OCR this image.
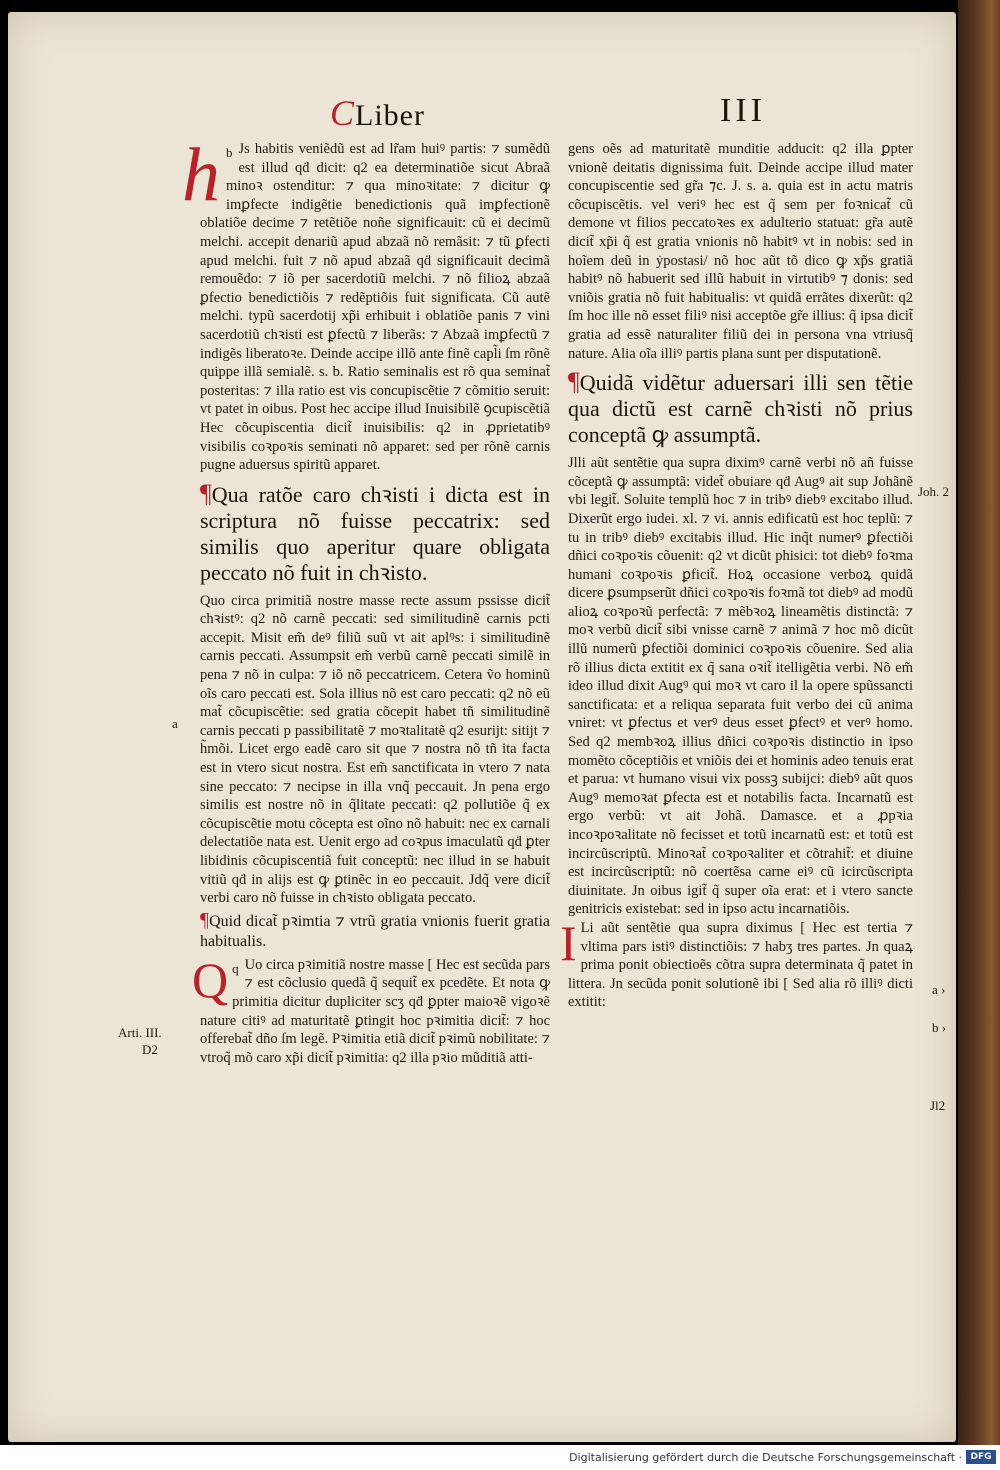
CLiber	III

h b Js habitis veniẽdũ est ad lr̃am huiꝰ partis: ⁊ sumẽdũ est illud qḋ dicit: q2 ea determinatiõe sicut Abraã minoꝛ ostenditur: ⁊ qua minoꝛitate: ⁊ dicitur ꝙ imꝑfecte indigẽtie benedictionis quã imꝑfectionẽ oblatiõe decime ⁊ retẽtiõe noñe significauit: cũ ei decimũ melchi. accepit denariũ apud abzaã nõ remãsit: ⁊ tũ ꝑfecti apud melchi. fuit ⁊ nõ apud abzaã qḋ significauit decimã remouẽdo: ⁊ iõ per sacerdotiũ melchi. ⁊ nõ filioꝝ abzaã ꝑfectio benedictiõis ⁊ redẽptiõis fuit significata. Cũ autẽ melchi. typũ sacerdotij xp̃i erhibuit i oblatiõe panis ⁊ vini sacerdotiũ chꝛisti est ꝑfectũ ⁊ liberãs: ⁊ Abzaã imꝑfectũ ⁊ indigẽs liberatoꝛe. Deinde accipe illõ ante finẽ capl̃i ſm rõnẽ quippe illã semialẽ. s. b. Ratio seminalis est rõ qua seminat̃ posteritas: ⁊ illa ratio est vis concupiscẽtie ⁊ cõmitio seruit: vt patet in oibus. Post hec accipe illud Inuisibilẽ ꝯcupiscẽtiã Hec cõcupiscentia dicit̃ inuisibilis: q2 in ꝓprietatibꝰ visibilis coꝛpoꝛis seminati nõ apparet: sed per rõnẽ carnis pugne aduersus spiritũ apparet.

¶Qua ratõe caro chꝛisti i dicta est in scriptura nõ fuisse peccatrix: sed similis quo aperitur quare obligata peccato nõ fuit in chꝛisto.

Quo circa primitiã nostre masse recte assum pssisse dicit̃ chꝛistꝰ: q2 nõ carnẽ peccati: sed similitudinẽ carnis pcti accepit. Misit em̃ deꝰ filiũ suũ vt ait aplꝰs: i similitudinẽ carnis peccati. Assumpsit em̃ verbũ carnẽ peccati similẽ in pena ⁊ nõ in culpa: ⁊ iõ nõ peccatricem. Cetera ṽo hominũ oĩs caro peccati est. Sola illius nõ est caro peccati: q2 nõ eũ mat̃ cõcupiscẽtie: sed gratia cõcepit habet tñ similitudinẽ carnis peccati p passibilitatẽ ⁊ moꝛtalitatẽ q2 esurijt: sitijt ⁊ h̃mõi. Licet ergo eadẽ caro sit que ⁊ nostra nõ tñ ita facta est in vtero sicut nostra. Est em̃ sanctificata in vtero ⁊ nata sine peccato: ⁊ necipse in illa vnq̃ peccauit. Jn pena ergo similis est nostre nõ in q̃litate peccati: q2 pollutiõe q̃ ex cõcupiscẽtie motu cõcepta est oĩno nõ habuit: nec ex carnali delectatiõe nata est. Uenit ergo ad coꝛpus imaculatũ qḋ ꝑter libidinis cõcupiscentiã fuit conceptũ: nec illud in se habuit vitiũ qḋ in alijs est ꝙ ꝑtinẽc in eo peccauit. Jdq̃ vere dicit̃ verbi caro nõ fuisse in chꝛisto obligata peccato.

¶Quid dicat̃ pꝛimtia ⁊ vtrũ gratia vnionis fuerit gratia habitualis.

Q q Uo circa pꝛimitiã nostre masse [ Hec est secũda pars ⁊ est cõclusio quedã q̃ sequit̃ ex pcedẽte. Et nota ꝙ primitia dicitur dupliciter scʒ qḋ ꝑpter maioꝛẽ vigoꝛẽ nature citiꝰ ad maturitatẽ ꝑtingit hoc pꝛimitia dicit̃: ⁊ hoc offerebat̃ dño ſm legẽ. Pꝛimitia etiã dicit̃ pꝛimũ nobilitate: ⁊ vtroq̃ mõ caro xp̃i dicit̃ pꝛimitia: q2 illa pꝛio mũditiã atti-

gens oẽs ad maturitatẽ munditie adducit: q2 illa ꝑpter vnionẽ deitatis dignissima fuit. Deinde accipe illud mater concupiscentie sed gr̃a ⁊c. J. s. a. quia est in actu matris cõcupiscẽtis. vel veriꝰ hec est q̃ sem per foꝛnicat̃ cũ demone vt filios peccatoꝛes ex adulterio statuat: gr̃a autẽ dicit̃ xp̃i q̃ est gratia vnionis nõ habitꝰ vt in nobis: sed in hoĩem deũ in ẏpostasi/ nõ hoc aũt tõ dico ꝙ xp̃s gratiã habitꝰ nõ habuerit sed illũ habuit in virtutibꝰ ⁊ donis: sed vniõis gratia nõ fuit habitualis: vt quidã errãtes dixerũt: q2 ſm hoc ille nõ esset filiꝰ nisi acceptõe gr̃e illius: q̃ ipsa dicit̃ gratia ad essẽ naturaliter filiũ dei in persona vna vtriusq̃ nature. Alia oĩa illiꝰ partis plana sunt per disputationẽ.

¶Quidã vidẽtur aduersari illi sen tẽtie qua dictũ est carnẽ chꝛisti nõ prius conceptã ꝙ assumptã.

Jlli aũt sentẽtie qua supra diximꝰ carnẽ verbi nõ añ fuisse cõceptã ꝙ assumptã: videt̃ obuiare qḋ Augꝰ ait sup Johãnẽ vbi legit̃. Soluite templũ hoc ⁊ in tribꝰ diebꝰ excitabo illud. Dixerũt ergo iudei. xl. ⁊ vi. annis edificatũ est hoc teplũ: ⁊ tu in tribꝰ diebꝰ excitabis illud. Hic inq̃t numerꝰ ꝑfectiõi dñici coꝛpoꝛis cõuenit: q2 vt dicũt phisici: tot diebꝰ foꝛma humani coꝛpoꝛis ꝑficit̃. Hoꝝ occasione verboꝝ quidã dicere ꝑsumpserũt dñici coꝛpoꝛis foꝛmã tot diebꝰ ad modũ alioꝝ coꝛpoꝛũ perfectã: ⁊ mẽbꝛoꝝ lineamẽtis distinctã: ⁊ moꝛ verbũ dicit̃ sibi vnisse carnẽ ⁊ animã ⁊ hoc mõ dicũt illũ numerũ ꝑfectiõi dominici coꝛpoꝛis cõuenire. Sed alia rõ illius dicta extitit ex q̃ sana oꝛit̃ itelligẽtia verbi. Nõ em̃ ideo illud dixit Augꝰ qui moꝛ vt caro il la opere spũssancti sanctificata: et a reliqua separata fuit verbo dei cũ anima vniret: vt ꝑfectus et verꝰ deus esset ꝑfectꝰ et verꝰ homo. Sed q2 membꝛoꝝ illius dñici coꝛpoꝛis distinctio in ipso momẽto cõceptiõis et vniõis dei et hominis adeo tenuis erat et parua: vt humano visui vix possꝫ subijci: diebꝰ aũt quos Augꝰ memoꝛat ꝑfecta est et notabilis facta. Incarnatũ est ergo verbũ: vt ait Johã. Damasce. et a ꝓpꝛia incoꝛpoꝛalitate nõ fecisset et totũ incarnatũ est: et totũ est incircũscriptũ. Minoꝛat̃ coꝛpoꝛaliter et cõtrahit̃: et diuine est incircũscriptũ: nõ coertẽsa carne eiꝰ cũ icircũscripta diuinitate. Jn oibus igit̃ q̃ super oĩa erat: et i vtero sancte genitricis existebat: sed in ipso actu incarnatiõis.

I Li aũt sentẽtie qua supra diximus [ Hec est tertia ⁊ vltima pars istiꝰ distinctiõis: ⁊ habʒ tres partes. Jn quaꝝ prima ponit obiectioẽs cõtra supra determinata q̃ patet in littera. Jn secũda ponit solutionẽ ibi [ Sed alia rõ illiꝰ dicti extitit:

a
Arti. III.
D2
Joh. 2
a ›
b ›
Jl2
Digitalisierung gefördert durch die Deutsche Forschungsgemeinschaft · DFG
